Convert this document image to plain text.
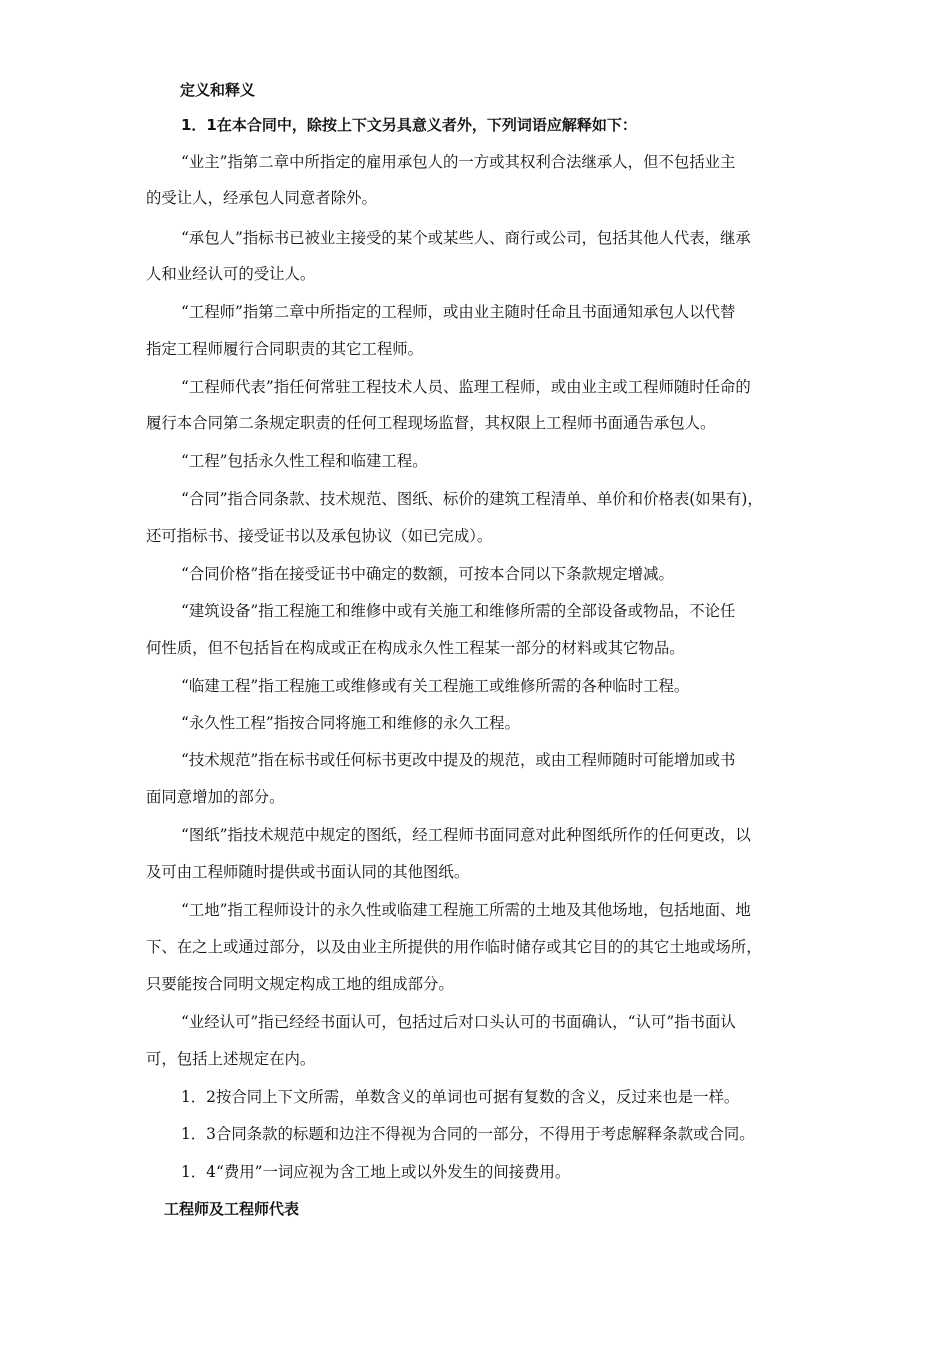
定义和释义
1．1在本合同中，除按上下文另具意义者外，下列词语应解释如下：
“业主”指第二章中所指定的雇用承包人的一方或其权利合法继承人，但不包括业主
的受让人，经承包人同意者除外。
“承包人”指标书已被业主接受的某个或某些人、商行或公司，包括其他人代表，继承
人和业经认可的受让人。
“工程师”指第二章中所指定的工程师，或由业主随时任命且书面通知承包人以代替
指定工程师履行合同职责的其它工程师。
“工程师代表”指任何常驻工程技术人员、监理工程师，或由业主或工程师随时任命的
履行本合同第二条规定职责的任何工程现场监督，其权限上工程师书面通告承包人。
“工程”包括永久性工程和临建工程。
“合同”指合同条款、技术规范、图纸、标价的建筑工程清单、单价和价格表(如果有)，
还可指标书、接受证书以及承包协议（如已完成）。
“合同价格”指在接受证书中确定的数额，可按本合同以下条款规定增减。
“建筑设备”指工程施工和维修中或有关施工和维修所需的全部设备或物品，不论任
何性质，但不包括旨在构成或正在构成永久性工程某一部分的材料或其它物品。
“临建工程”指工程施工或维修或有关工程施工或维修所需的各种临时工程。
“永久性工程”指按合同将施工和维修的永久工程。
“技术规范”指在标书或任何标书更改中提及的规范，或由工程师随时可能增加或书
面同意增加的部分。
“图纸”指技术规范中规定的图纸，经工程师书面同意对此种图纸所作的任何更改，以
及可由工程师随时提供或书面认同的其他图纸。
“工地”指工程师设计的永久性或临建工程施工所需的土地及其他场地，包括地面、地
下、在之上或通过部分，以及由业主所提供的用作临时储存或其它目的的其它土地或场所，
只要能按合同明文规定构成工地的组成部分。
“业经认可”指已经经书面认可，包括过后对口头认可的书面确认，“认可”指书面认
可，包括上述规定在内。
1．2按合同上下文所需，单数含义的单词也可据有复数的含义，反过来也是一样。
1．3合同条款的标题和边注不得视为合同的一部分，不得用于考虑解释条款或合同。
1．4“费用”一词应视为含工地上或以外发生的间接费用。
工程师及工程师代表
